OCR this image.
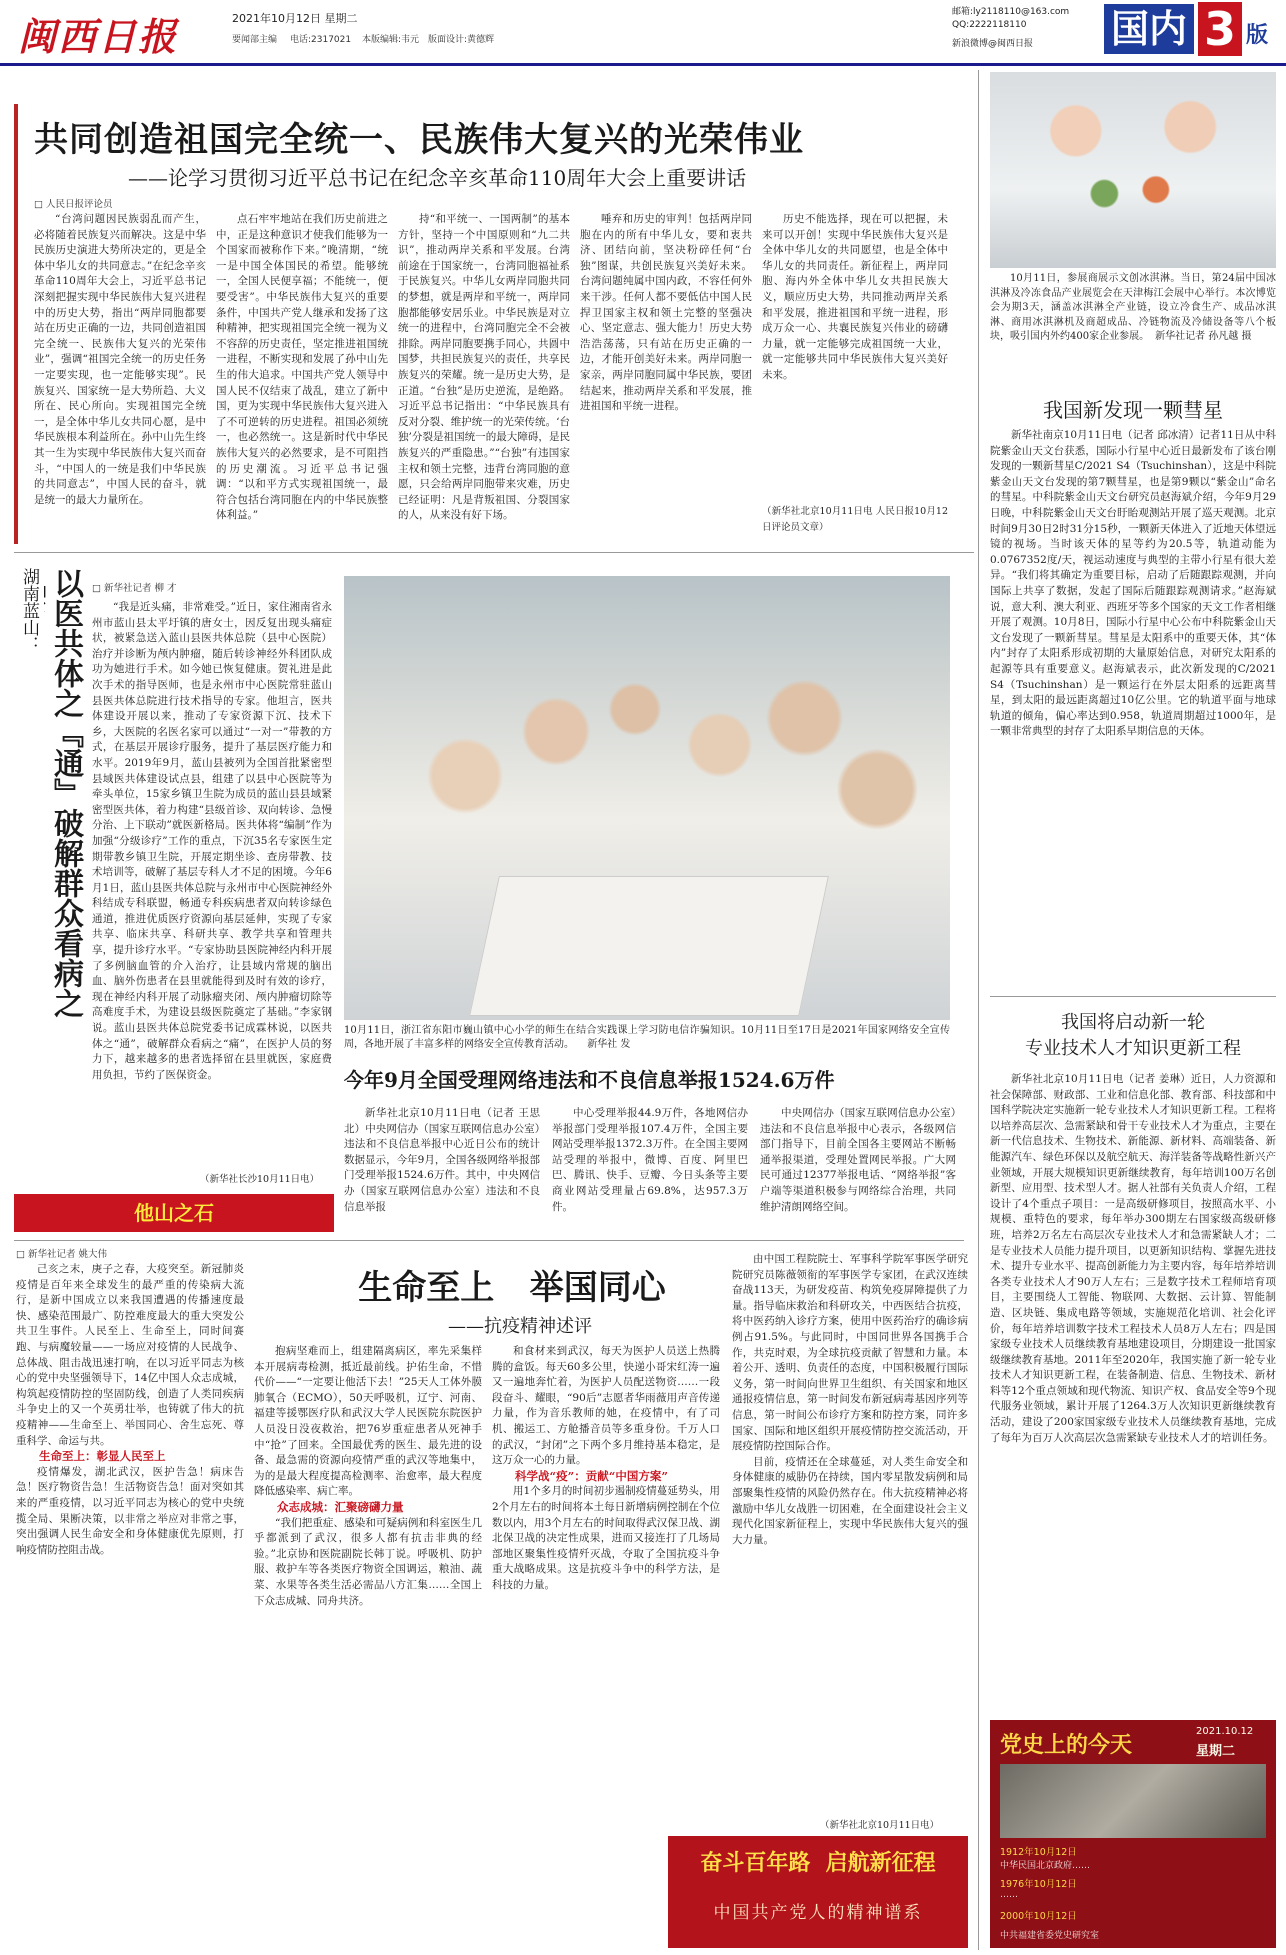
闽西日报	2021年10月12日 星期二
要闻部主编	电话:2317021	本版编辑:韦元 版面设计:黄德辉
邮箱:ly2118110@163.com
QQ:2222118110
新浪微博@闽西日报	国内 3 版
共同创造祖国完全统一、民族伟大复兴的光荣伟业
——论学习贯彻习近平总书记在纪念辛亥革命110周年大会上重要讲话
□ 人民日报评论员

“台湾问题因民族弱乱而产生，必将随着民族复兴而解决。这是中华民族历史演进大势所决定的，更是全体中华儿女的共同意志。”在纪念辛亥革命110周年大会上，习近平总书记深刻把握实现中华民族伟大复兴进程中的历史大势，指出“两岸同胞都要站在历史正确的一边，共同创造祖国完全统一、民族伟大复兴的光荣伟业”，强调“祖国完全统一的历史任务一定要实现，也一定能够实现”。民族复兴、国家统一是大势所趋、大义所在、民心所向。实现祖国完全统一，是全体中华儿女共同心愿，是中华民族根本利益所在。孙中山先生终其一生为实现中华民族伟大复兴而奋斗，“中国人的一统是我们中华民族的共同意志”，中国人民的奋斗，就是统一的最大力量所在。

点石牢牢地站在我们历史前进之中，正是这种意识才使我们能够为一个国家而被称作下来。”晚清期，“统一是中国全体国民的希望。能够统一，全国人民便享福；不能统一，便要受害”。中华民族伟大复兴的重要条件，中国共产党人继承和发扬了这种精神，把实现祖国完全统一视为义不容辞的历史责任，坚定推进祖国统一进程，不断实现和发展了孙中山先生的伟大追求。中国共产党人领导中国人民不仅结束了战乱，建立了新中国，更为实现中华民族伟大复兴进入了不可逆转的历史进程。祖国必须统一，也必然统一。这是新时代中华民族伟大复兴的必然要求，是不可阻挡的历史潮流。习近平总书记强调：“以和平方式实现祖国统一，最符合包括台湾同胞在内的中华民族整体利益。”

持“和平统一、一国两制”的基本方针，坚持一个中国原则和“九二共识”，推动两岸关系和平发展。台湾前途在于国家统一，台湾同胞福祉系于民族复兴。中华儿女两岸同胞共同的梦想，就是两岸和平统一，两岸同胞都能够安居乐业。中华民族是对立统一的进程中，台湾同胞完全不会被排除。两岸同胞要携手同心，共圆中国梦，共担民族复兴的责任，共享民族复兴的荣耀。统一是历史大势，是正道。“台独”是历史逆流，是绝路。习近平总书记指出：“中华民族具有反对分裂、维护统一的光荣传统。‘台独’分裂是祖国统一的最大障碍，是民族复兴的严重隐患。”“台独”有违国家主权和领土完整，违背台湾同胞的意愿，只会给两岸同胞带来灾难，历史已经证明：凡是背叛祖国、分裂国家的人，从来没有好下场。

唾弃和历史的审判！包括两岸同胞在内的所有中华儿女，要和衷共济、团结向前，坚决粉碎任何“台独”图谋，共创民族复兴美好未来。台湾问题纯属中国内政，不容任何外来干涉。任何人都不要低估中国人民捍卫国家主权和领土完整的坚强决心、坚定意志、强大能力！历史大势浩浩荡荡，只有站在历史正确的一边，才能开创美好未来。两岸同胞一家亲，两岸同胞同属中华民族，要团结起来，推动两岸关系和平发展，推进祖国和平统一进程。

历史不能选择，现在可以把握，未来可以开创！实现中华民族伟大复兴是全体中华儿女的共同愿望，也是全体中华儿女的共同责任。新征程上，两岸同胞、海内外全体中华儿女共担民族大义，顺应历史大势，共同推动两岸关系和平发展，推进祖国和平统一进程，形成万众一心、共襄民族复兴伟业的磅礴力量，就一定能够完成祖国统一大业，就一定能够共同中华民族伟大复兴美好未来。

（新华社北京10月11日电 人民日报10月12日评论员文章）
湖南蓝山： 以医共体之『通』破解群众看病之
□ 新华社记者 柳 才

“我是近头痛，非常难受。”近日，家住湘南省永州市蓝山县太平圩镇的唐女士，因反复出现头痛症状，被紧急送入蓝山县医共体总院（县中心医院）治疗并诊断为颅内肿瘤，随后转诊神经外科团队成功为她进行手术。如今她已恢复健康。贺礼进是此次手术的指导医师，也是永州市中心医院常驻蓝山县医共体总院进行技术指导的专家。他坦言，医共体建设开展以来，推动了专家资源下沉、技术下乡，大医院的名医名家可以通过“一对一”带教的方式，在基层开展诊疗服务，提升了基层医疗能力和水平。2019年9月，蓝山县被列为全国首批紧密型县域医共体建设试点县，组建了以县中心医院等为牵头单位，15家乡镇卫生院为成员的蓝山县县域紧密型医共体，着力构建“县级首诊、双向转诊、急慢分治、上下联动”就医新格局。医共体将“编制”作为加强“分级诊疗”工作的重点，下沉35名专家医生定期带教乡镇卫生院，开展定期坐诊、查房带教、技术培训等，破解了基层专科人才不足的困境。今年6月1日，蓝山县医共体总院与永州市中心医院神经外科结成专科联盟，畅通专科疾病患者双向转诊绿色通道，推进优质医疗资源向基层延伸，实现了专家共享、临床共享、科研共享、教学共享和管理共享，提升诊疗水平。“专家协助县医院神经内科开展了多例脑血管的介入治疗，让县域内常规的脑出血、脑外伤患者在县里就能得到及时有效的诊疗，现在神经内科开展了动脉瘤夹闭、颅内肿瘤切除等高难度手术，为建设县级医院奠定了基础。”李家钢说。蓝山县医共体总院党委书记成霖林说，以医共体之“通”，破解群众看病之“痛”，在医护人员的努力下，越来越多的患者选择留在县里就医，家庭费用负担，节约了医保资金。

（新华社长沙10月11日电）
10月11日，浙江省东阳市巍山镇中心小学的师生在结合实践课上学习防电信诈骗知识。10月11日至17日是2021年国家网络安全宣传周，各地开展了丰富多样的网络安全宣传教育活动。 新华社 发
今年9月全国受理网络违法和不良信息举报1524.6万件

新华社北京10月11日电（记者 王思北）中央网信办（国家互联网信息办公室）违法和不良信息举报中心近日公布的统计数据显示，今年9月，全国各级网络举报部门受理举报1524.6万件。其中，中央网信办（国家互联网信息办公室）违法和不良信息举报

中心受理举报44.9万件，各地网信办举报部门受理举报107.4万件，全国主要网站受理举报1372.3万件。在全国主要网站受理的举报中，微博、百度、阿里巴巴、腾讯、快手、豆瓣、今日头条等主要商业网站受理量占69.8%，达957.3万件。

中央网信办（国家互联网信息办公室）违法和不良信息举报中心表示，各级网信部门指导下，目前全国各主要网站不断畅通举报渠道，受理处置网民举报。广大网民可通过12377举报电话、“网络举报”客户端等渠道积极参与网络综合治理，共同维护清朗网络空间。

他山之石
生命至上   举国同心
——抗疫精神述评
□ 新华社记者 姚大伟

己亥之末，庚子之春，大疫突至。新冠肺炎疫情是百年来全球发生的最严重的传染病大流行，是新中国成立以来我国遭遇的传播速度最快、感染范围最广、防控难度最大的重大突发公共卫生事件。人民至上、生命至上，同时间赛跑、与病魔较量——一场应对疫情的人民战争、总体战、阻击战迅速打响，在以习近平同志为核心的党中央坚强领导下，14亿中国人众志成城，构筑起疫情防控的坚固防线，创造了人类同疾病斗争史上的又一个英勇壮举，也铸就了伟大的抗疫精神——生命至上、举国同心、舍生忘死、尊重科学、命运与共。

生命至上：彰显人民至上

疫情爆发，湖北武汉，医护告急！病床告急！医疗物资告急！生活物资告急！面对突如其来的严重疫情，以习近平同志为核心的党中央统揽全局、果断决策，以非常之举应对非常之事，突出强调人民生命安全和身体健康优先原则，打响疫情防控阻击战。

抱病坚难而上，组建隔离病区，率先采集样本开展病毒检测，抵近最前线。护佑生命，不惜代价——“一定要让他活下去！”25天人工体外膜肺氧合（ECMO），50天呼吸机，辽宁、河南、福建等援鄂医疗队和武汉大学人民医院东院医护人员没日没夜救治，把76岁重症患者从死神手中“抢”了回来。全国最优秀的医生、最先进的设备、最急需的资源向疫情严重的武汉等地集中，为的是最大程度提高检测率、治愈率，最大程度降低感染率、病亡率。

众志成城：汇聚磅礴力量

“我们把重症、感染和可疑病例和科室医生几乎都派到了武汉，很多人都有抗击非典的经验。”北京协和医院副院长韩丁说。呼吸机、防护服、救护车等各类医疗物资全国调运，粮油、蔬菜、水果等各类生活必需品八方汇集……全国上下众志成城、同舟共济。

和食材来到武汉，每天为医护人员送上热腾腾的盒饭。每天60多公里，快递小哥宋红涛一遍又一遍地奔忙着，为医护人员配送物资……一段段奋斗、耀眼，“90后”志愿者华雨薇用声音传递力量，作为音乐教师的她，在疫情中，有了司机、搬运工、方舱播音员等多重身份。千万人口的武汉，“封闭”之下两个多月维持基本稳定，是这万众一心的力量。

科学战“疫”：贡献“中国方案”

用1个多月的时间初步遏制疫情蔓延势头，用2个月左右的时间将本土每日新增病例控制在个位数以内，用3个月左右的时间取得武汉保卫战、湖北保卫战的决定性成果，进而又接连打了几场局部地区聚集性疫情歼灭战，夺取了全国抗疫斗争重大战略成果。这是抗疫斗争中的科学方法，是科技的力量。

由中国工程院院士、军事科学院军事医学研究院研究员陈薇领衔的军事医学专家团，在武汉连续奋战113天，为研发疫苗、构筑免疫屏障提供了力量。指导临床救治和科研攻关，中西医结合抗疫，将中医药纳入诊疗方案，使用中医药治疗的确诊病例占91.5%。与此同时，中国同世界各国携手合作，共克时艰，为全球抗疫贡献了智慧和力量。本着公开、透明、负责任的态度，中国积极履行国际义务，第一时间向世界卫生组织、有关国家和地区通报疫情信息，第一时间发布新冠病毒基因序列等信息，第一时间公布诊疗方案和防控方案，同许多国家、国际和地区组织开展疫情防控交流活动，开展疫情防控国际合作。

目前，疫情还在全球蔓延，对人类生命安全和身体健康的威胁仍在持续，国内零星散发病例和局部聚集性疫情的风险仍然存在。伟大抗疫精神必将激励中华儿女战胜一切困难，在全面建设社会主义现代化国家新征程上，实现中华民族伟大复兴的强大力量。

（新华社北京10月11日电）
奋斗百年路  启航新征程
中国共产党人的精神谱系

10月11日，参展商展示文创冰淇淋。当日，第24届中国冰淇淋及冷冻食品产业展览会在天津梅江会展中心举行。本次博览会为期3天，涵盖冰淇淋全产业链，设立冷食生产、成品冰淇淋、商用冰淇淋机及商超成品、冷链物流及冷储设备等八个板块，吸引国内外约400家企业参展。 新华社记者 孙凡越 摄

我国新发现一颗彗星

新华社南京10月11日电（记者 邱冰清）记者11日从中科院紫金山天文台获悉，国际小行星中心近日最新发布了该台刚发现的一颗新彗星C/2021 S4（Tsuchinshan），这是中科院紫金山天文台发现的第7颗彗星，也是第9颗以“紫金山”命名的彗星。中科院紫金山天文台研究员赵海斌介绍，今年9月29日晚，中科院紫金山天文台盱眙观测站开展了巡天观测。北京时间9月30日2时31分15秒，一颗新天体进入了近地天体望远镜的视场。当时该天体的星等约为20.5等，轨道动能为0.0767352度/天，视运动速度与典型的主带小行星有很大差异。“我们将其确定为重要目标，启动了后随跟踪观测，并向国际上共享了数据，发起了国际后随跟踪观测请求。”赵海斌说，意大利、澳大利亚、西班牙等多个国家的天文工作者相继开展了观测。10月8日，国际小行星中心公布中科院紫金山天文台发现了一颗新彗星。彗星是太阳系中的重要天体，其“体内”封存了太阳系形成初期的大量原始信息，对研究太阳系的起源等具有重要意义。赵海斌表示，此次新发现的C/2021 S4（Tsuchinshan）是一颗运行在外层太阳系的远距离彗星，到太阳的最远距离超过10亿公里。它的轨道平面与地球轨道的倾角，偏心率达到0.958，轨道周期超过1000年，是一颗非常典型的封存了太阳系早期信息的天体。

我国将启动新一轮
专业技术人才知识更新工程

新华社北京10月11日电（记者 姜琳）近日，人力资源和社会保障部、财政部、工业和信息化部、教育部、科技部和中国科学院决定实施新一轮专业技术人才知识更新工程。工程将以培养高层次、急需紧缺和骨干专业技术人才为重点，主要在新一代信息技术、生物技术、新能源、新材料、高端装备、新能源汽车、绿色环保以及航空航天、海洋装备等战略性新兴产业领域，开展大规模知识更新继续教育，每年培训100万名创新型、应用型、技术型人才。据人社部有关负责人介绍，工程设计了4个重点子项目：一是高级研修项目，按照高水平、小规模、重特色的要求，每年举办300期左右国家级高级研修班，培养2万名左右高层次专业技术人才和急需紧缺人才；二是专业技术人员能力提升项目，以更新知识结构、掌握先进技术、提升专业水平、提高创新能力为主要内容，每年培养培训各类专业技术人才90万人左右；三是数字技术工程师培育项目，主要围绕人工智能、物联网、大数据、云计算、智能制造、区块链、集成电路等领域，实施规范化培训、社会化评价，每年培养培训数字技术工程技术人员8万人左右；四是国家级专业技术人员继续教育基地建设项目，分期建设一批国家级继续教育基地。2011年至2020年，我国实施了新一轮专业技术人才知识更新工程，在装备制造、信息、生物技术、新材料等12个重点领域和现代物流、知识产权、食品安全等9个现代服务业领域，累计开展了1264.3万人次知识更新继续教育活动，建设了200家国家级专业技术人员继续教育基地，完成了每年为百万人次高层次急需紧缺专业技术人才的培训任务。

党史上的今天
2021.10.12
星期二
1912年10月12日
中华民国北京政府……
1976年10月12日
……
2000年10月12日
中共福建省委党史研究室
